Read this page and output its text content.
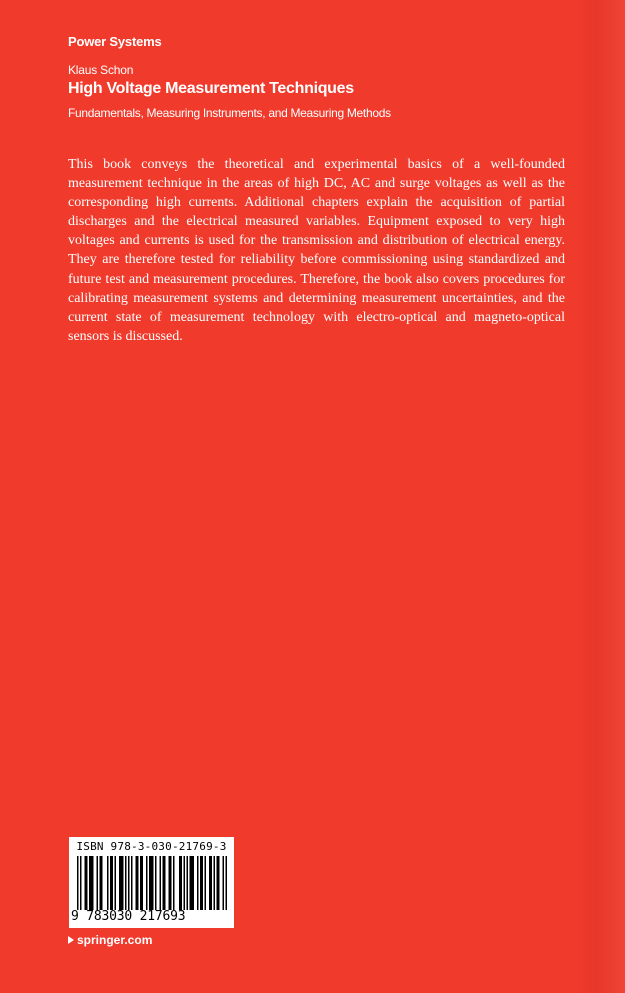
Power Systems
Klaus Schon
High Voltage Measurement Techniques
Fundamentals, Measuring Instruments, and Measuring Methods

This book conveys the theoretical and experimental basics of a well-founded measurement technique in the areas of high DC, AC and surge voltages as well as the corresponding high currents. Additional chapters explain the acquisition of partial discharges and the electrical measured variables. Equipment exposed to very high voltages and currents is used for the transmission and distribution of electrical energy. They are therefore tested for reliability before commissioning using standardized and future test and measurement procedures. Therefore, the book also covers procedures for calibrating measurement systems and determining measurement uncertainties, and the current state of measurement technology with electro-optical and magneto-optical sensors is discussed.

ISBN 978-3-030-21769-3
9 783030 217693
springer.com
